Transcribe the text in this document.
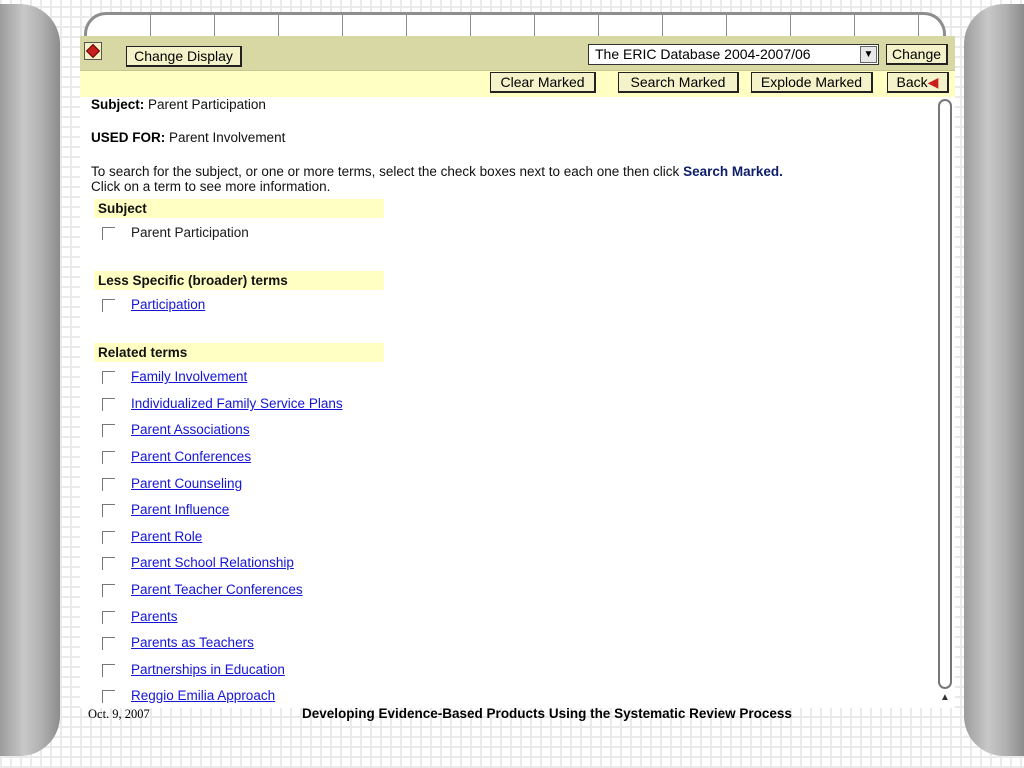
Change Display	The ERIC Database 2004-2007/06	▼	Change
Clear Marked	Search Marked	Explode Marked	Back◀
Subject: Parent Participation
USED FOR: Parent Involvement
To search for the subject, or one or more terms, select the check boxes next to each one then click Search Marked.
Click on a term to see more information.
Subject
Parent Participation
Less Specific (broader) terms
Participation
Related terms
Family Involvement
Individualized Family Service Plans
Parent Associations
Parent Conferences
Parent Counseling
Parent Influence
Parent Role
Parent School Relationship
Parent Teacher Conferences
Parents
Parents as Teachers
Partnerships in Education
Reggio Emilia Approach	▲
Oct. 9, 2007	Developing Evidence-Based Products Using the Systematic Review Process
